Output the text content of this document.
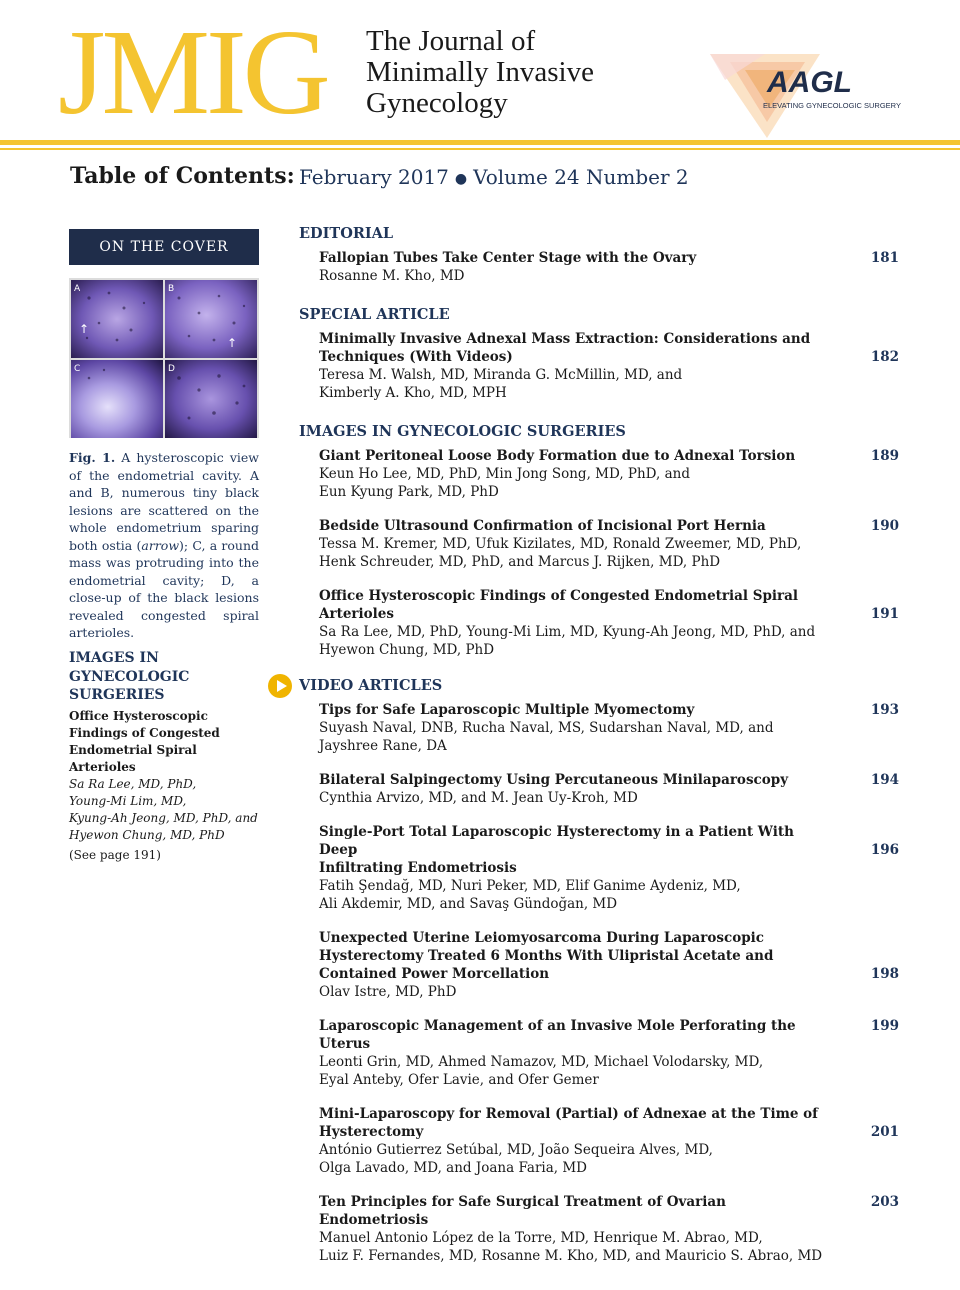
JMIG The Journal of
Minimally Invasive
Gynecology
AAGL
ELEVATING GYNECOLOGIC SURGERY
Table of Contents: February 2017 ● Volume 24 Number 2
ON THE COVER
↑
↑
A	B
C	D
Fig. 1. A hysteroscopic view of the endometrial cavity. A and B, numerous tiny black lesions are scattered on the whole endometrium sparing both ostia (arrow); C, a round mass was protruding into the endometrial cavity; D, a close-up of the black lesions revealed congested spiral arterioles.
IMAGES IN GYNECOLOGIC SURGERIES
Office Hysteroscopic Findings of Congested Endometrial Spiral Arterioles
Sa Ra Lee, MD, PhD,
Young-Mi Lim, MD,
Kyung-Ah Jeong, MD, PhD, and
Hyewon Chung, MD, PhD
(See page 191)
EDITORIAL
Fallopian Tubes Take Center Stage with the Ovary
Rosanne M. Kho, MD
181
SPECIAL ARTICLE
Minimally Invasive Adnexal Mass Extraction: Considerations and
Techniques (With Videos)
Teresa M. Walsh, MD, Miranda G. McMillin, MD, and
Kimberly A. Kho, MD, MPH
182
IMAGES IN GYNECOLOGIC SURGERIES
Giant Peritoneal Loose Body Formation due to Adnexal Torsion
Keun Ho Lee, MD, PhD, Min Jong Song, MD, PhD, and
Eun Kyung Park, MD, PhD
189
Bedside Ultrasound Confirmation of Incisional Port Hernia
Tessa M. Kremer, MD, Ufuk Kizilates, MD, Ronald Zweemer, MD, PhD,
Henk Schreuder, MD, PhD, and Marcus J. Rijken, MD, PhD
190
Office Hysteroscopic Findings of Congested Endometrial Spiral
Arterioles
Sa Ra Lee, MD, PhD, Young-Mi Lim, MD, Kyung-Ah Jeong, MD, PhD, and
Hyewon Chung, MD, PhD
191
VIDEO ARTICLES
Tips for Safe Laparoscopic Multiple Myomectomy
Suyash Naval, DNB, Rucha Naval, MS, Sudarshan Naval, MD, and
Jayshree Rane, DA
193
Bilateral Salpingectomy Using Percutaneous Minilaparoscopy
Cynthia Arvizo, MD, and M. Jean Uy-Kroh, MD
194
Single-Port Total Laparoscopic Hysterectomy in a Patient With Deep
Infiltrating Endometriosis
Fatih Şendağ, MD, Nuri Peker, MD, Elif Ganime Aydeniz, MD,
Ali Akdemir, MD, and Savaş Gündoğan, MD
196
Unexpected Uterine Leiomyosarcoma During Laparoscopic
Hysterectomy Treated 6 Months With Ulipristal Acetate and
Contained Power Morcellation
Olav Istre, MD, PhD
198
Laparoscopic Management of an Invasive Mole Perforating the Uterus
Leonti Grin, MD, Ahmed Namazov, MD, Michael Volodarsky, MD,
Eyal Anteby, Ofer Lavie, and Ofer Gemer
199
Mini-Laparoscopy for Removal (Partial) of Adnexae at the Time of
Hysterectomy
António Gutierrez Setúbal, MD, João Sequeira Alves, MD,
Olga Lavado, MD, and Joana Faria, MD
201
Ten Principles for Safe Surgical Treatment of Ovarian Endometriosis
Manuel Antonio López de la Torre, MD, Henrique M. Abrao, MD,
Luiz F. Fernandes, MD, Rosanne M. Kho, MD, and Mauricio S. Abrao, MD
203
